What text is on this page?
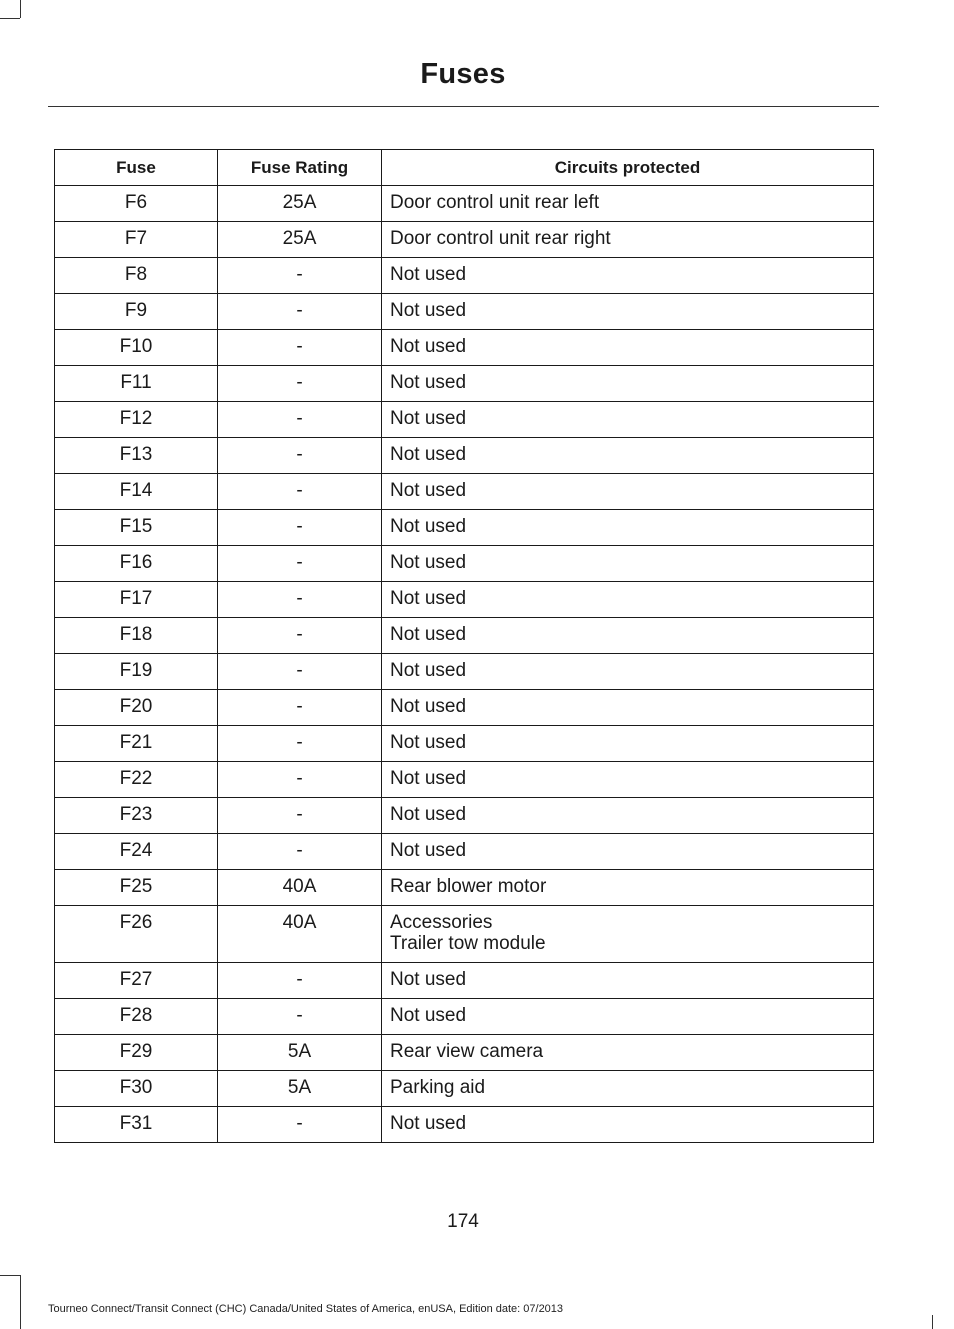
Fuses
Fuse	Fuse Rating	Circuits protected
F6	25A	Door control unit rear left

F7	25A	Door control unit rear right

F8	-	Not used

F9	-	Not used

F10	-	Not used

F11	-	Not used

F12	-	Not used

F13	-	Not used

F14	-	Not used

F15	-	Not used

F16	-	Not used

F17	-	Not used

F18	-	Not used

F19	-	Not used

F20	-	Not used

F21	-	Not used

F22	-	Not used

F23	-	Not used

F24	-	Not used

F25	40A	Rear blower motor

F26	40A	Accessories
Trailer tow module

F27	-	Not used

F28	-	Not used

F29	5A	Rear view camera

F30	5A	Parking aid

F31	-	Not used
174
Tourneo Connect/Transit Connect (CHC) Canada/United States of America, enUSA, Edition date: 07/2013
